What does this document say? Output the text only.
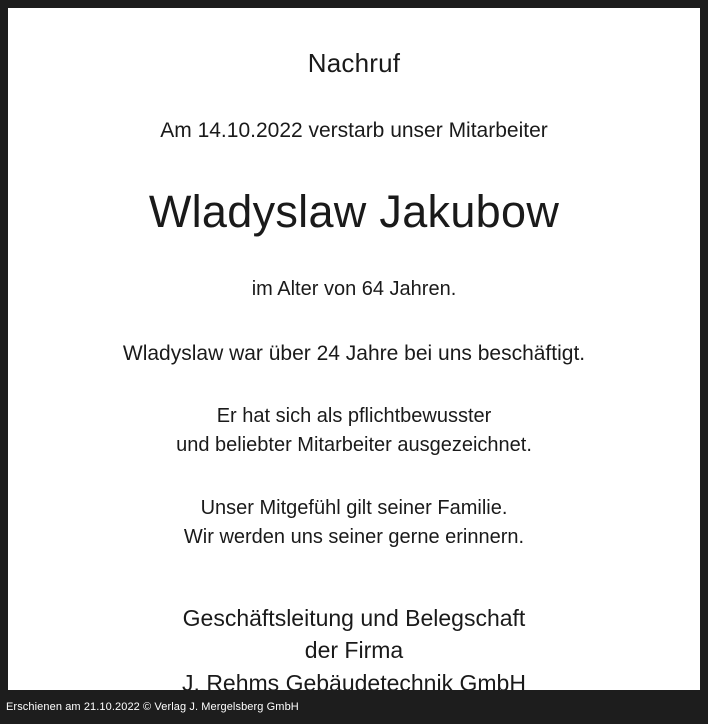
Nachruf
Am 14.10.2022 verstarb unser Mitarbeiter
Wladyslaw Jakubow
im Alter von 64 Jahren.
Wladyslaw war über 24 Jahre bei uns beschäftigt.
Er hat sich als pflichtbewusster
und beliebter Mitarbeiter ausgezeichnet.
Unser Mitgefühl gilt seiner Familie.
Wir werden uns seiner gerne erinnern.
Geschäftsleitung und Belegschaft
der Firma
J. Rehms Gebäudetechnik GmbH
Erschienen am 21.10.2022 © Verlag J. Mergelsberg GmbH
